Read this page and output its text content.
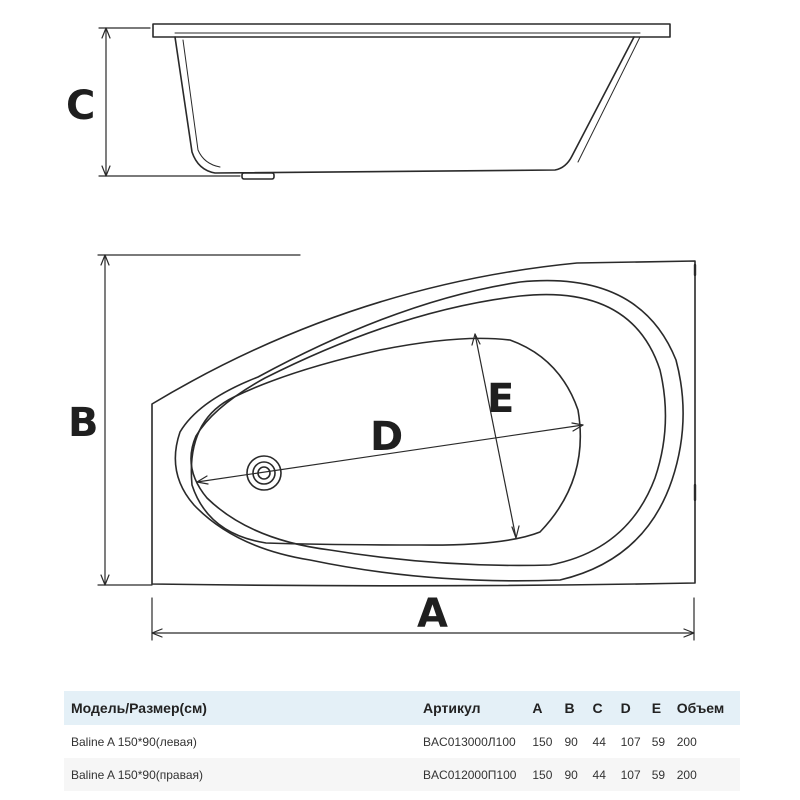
C
B
A
D
E
Модель/Размер(см)	Артикул	A	B	C	D	E	Объем
Baline A 150*90(левая)	BAC013000Л100	150	90	44	107	59	200
Baline A 150*90(правая)	BAC012000П100	150	90	44	107	59	200
